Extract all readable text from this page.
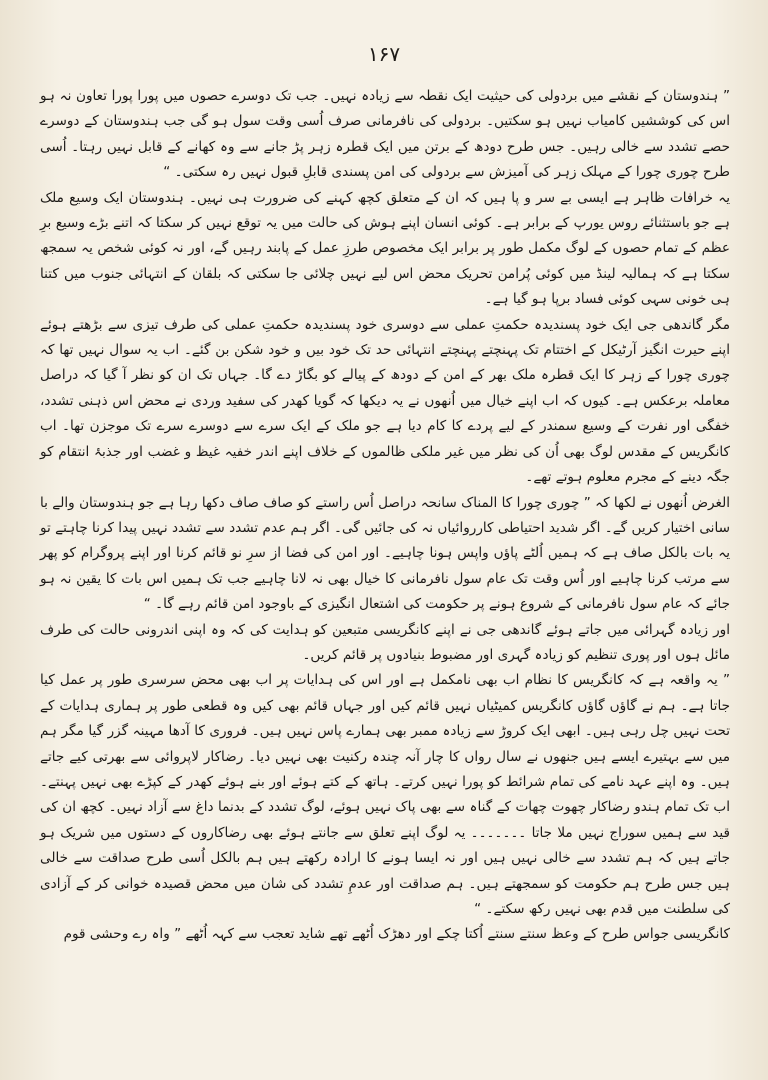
۱۶۷

” ہندوستان کے نقشے میں بردولی کی حیثیت ایک نقطہ سے زیادہ نہیں۔ جب تک دوسرے حصوں میں پورا پورا تعاون نہ ہو اس کی کوششیں کامیاب نہیں ہو سکتیں۔ بردولی کی نافرمانی صرف اُسی وقت سول ہو گی جب ہندوستان کے دوسرے حصے تشدد سے خالی رہیں۔ جس طرح دودھ کے برتن میں ایک قطرہ زہر پڑ جانے سے وہ کھانے کے قابل نہیں رہتا۔ اُسی طرح چوری چورا کے مہلک زہر کی آمیزش سے بردولی کی امن پسندی قابلِ قبول نہیں رہ سکتی۔ “

یہ خرافات ظاہر ہے ایسی بے سر و پا ہیں کہ ان کے متعلق کچھ کہنے کی ضرورت ہی نہیں۔ ہندوستان ایک وسیع ملک ہے جو باستثنائے روس یورپ کے برابر ہے۔ کوئی انسان اپنے ہوش کی حالت میں یہ توقع نہیں کر سکتا کہ اتنے بڑے وسیع برِ عظم کے تمام حصوں کے لوگ مکمل طور پر برابر ایک مخصوص طرزِ عمل کے پابند رہیں گے، اور نہ کوئی شخص یہ سمجھ سکتا ہے کہ ہمالیہ لینڈ میں کوئی پُرامن تحریک محض اس لیے نہیں چلائی جا سکتی کہ بلقان کے انتہائی جنوب میں کتنا ہی خونی سہی کوئی فساد برپا ہو گیا ہے۔

مگر گاندھی جی ایک خود پسندیدہ حکمتِ عملی سے دوسری خود پسندیدہ حکمتِ عملی کی طرف تیزی سے بڑھتے ہوئے اپنے حیرت انگیز آرٹیکل کے اختتام تک پہنچتے پہنچتے انتہائی حد تک خود بیں و خود شکن بن گئے۔ اب یہ سوال نہیں تھا کہ چوری چورا کے زہر کا ایک قطرہ ملک بھر کے امن کے دودھ کے پیالے کو بگاڑ دے گا۔ جہاں تک ان کو نظر آ گیا کہ دراصل معاملہ برعکس ہے۔ کیوں کہ اب اپنے خیال میں اُنھوں نے یہ دیکھا کہ گویا کھدر کی سفید وردی نے محض اس ذہنی تشدد، خفگی اور نفرت کے وسیع سمندر کے لیے پردے کا کام دیا ہے جو ملک کے ایک سرے سے دوسرے سرے تک موجزن تھا۔ اب کانگریس کے مقدس لوگ بھی اُن کی نظر میں غیر ملکی ظالموں کے خلاف اپنے اندر خفیہ غیظ و غضب اور جذبۂ انتقام کو جگہ دینے کے مجرم معلوم ہوتے تھے۔

الغرض اُنھوں نے لکھا کہ ” چوری چورا کا المناک سانحہ دراصل اُس راستے کو صاف صاف دکھا رہا ہے جو ہندوستان والے با سانی اختیار کریں گے۔ اگر شدید احتیاطی کارروائیاں نہ کی جائیں گی۔ اگر ہم عدم تشدد سے تشدد نہیں پیدا کرنا چاہتے تو یہ بات بالکل صاف ہے کہ ہمیں اُلٹے پاؤں واپس ہونا چاہیے۔ اور امن کی فضا از سرِ نو قائم کرنا اور اپنے پروگرام کو پھر سے مرتب کرنا چاہیے اور اُس وقت تک عام سول نافرمانی کا خیال بھی نہ لانا چاہیے جب تک ہمیں اس بات کا یقین نہ ہو جائے کہ عام سول نافرمانی کے شروع ہونے پر حکومت کی اشتعال انگیزی کے باوجود امن قائم رہے گا۔ “

اور زیادہ گہرائی میں جاتے ہوئے گاندھی جی نے اپنے کانگریسی متبعین کو ہدایت کی کہ وہ اپنی اندرونی حالت کی طرف مائل ہوں اور پوری تنظیم کو زیادہ گہری اور مضبوط بنیادوں پر قائم کریں۔

” یہ واقعہ ہے کہ کانگریس کا نظام اب بھی نامکمل ہے اور اس کی ہدایات پر اب بھی محض سرسری طور پر عمل کیا جاتا ہے۔ ہم نے گاؤں گاؤں کانگریس کمیٹیاں نہیں قائم کیں اور جہاں قائم بھی کیں وہ قطعی طور پر ہماری ہدایات کے تحت نہیں چل رہی ہیں۔ ابھی ایک کروڑ سے زیادہ ممبر بھی ہمارے پاس نہیں ہیں۔ فروری کا آدھا مہینہ گزر گیا مگر ہم میں سے بہتیرے ایسے ہیں جنھوں نے سال رواں کا چار آنہ چندہ رکنیت بھی نہیں دیا۔ رضاکار لاپروائی سے بھرتی کیے جاتے ہیں۔ وہ اپنے عہد نامے کی تمام شرائط کو پورا نہیں کرتے۔ ہاتھ کے کتے ہوئے اور بنے ہوئے کھدر کے کپڑے بھی نہیں پہنتے۔ اب تک تمام ہندو رضاکار چھوت چھات کے گناہ سے بھی پاک نہیں ہوئے، لوگ تشدد کے بدنما داغ سے آزاد نہیں۔ کچھ ان کی قید سے ہمیں سوراج نہیں ملا جاتا ۔۔۔۔۔۔۔ یہ لوگ اپنے تعلق سے جانتے ہوئے بھی رضاکاروں کے دستوں میں شریک ہو جاتے ہیں کہ ہم تشدد سے خالی نہیں ہیں اور نہ ایسا ہونے کا ارادہ رکھتے ہیں ہم بالکل اُسی طرح صداقت سے خالی ہیں جس طرح ہم حکومت کو سمجھتے ہیں۔ ہم صداقت اور عدمِ تشدد کی شان میں محض قصیدہ خوانی کر کے آزادی کی سلطنت میں قدم بھی نہیں رکھ سکتے۔ “

کانگریسی جواس طرح کے وعظ سنتے سنتے اُکتا چکے اور دھڑک اُٹھے تھے شاید تعجب سے کہہ اُٹھے ” واہ رے وحشی قوم
